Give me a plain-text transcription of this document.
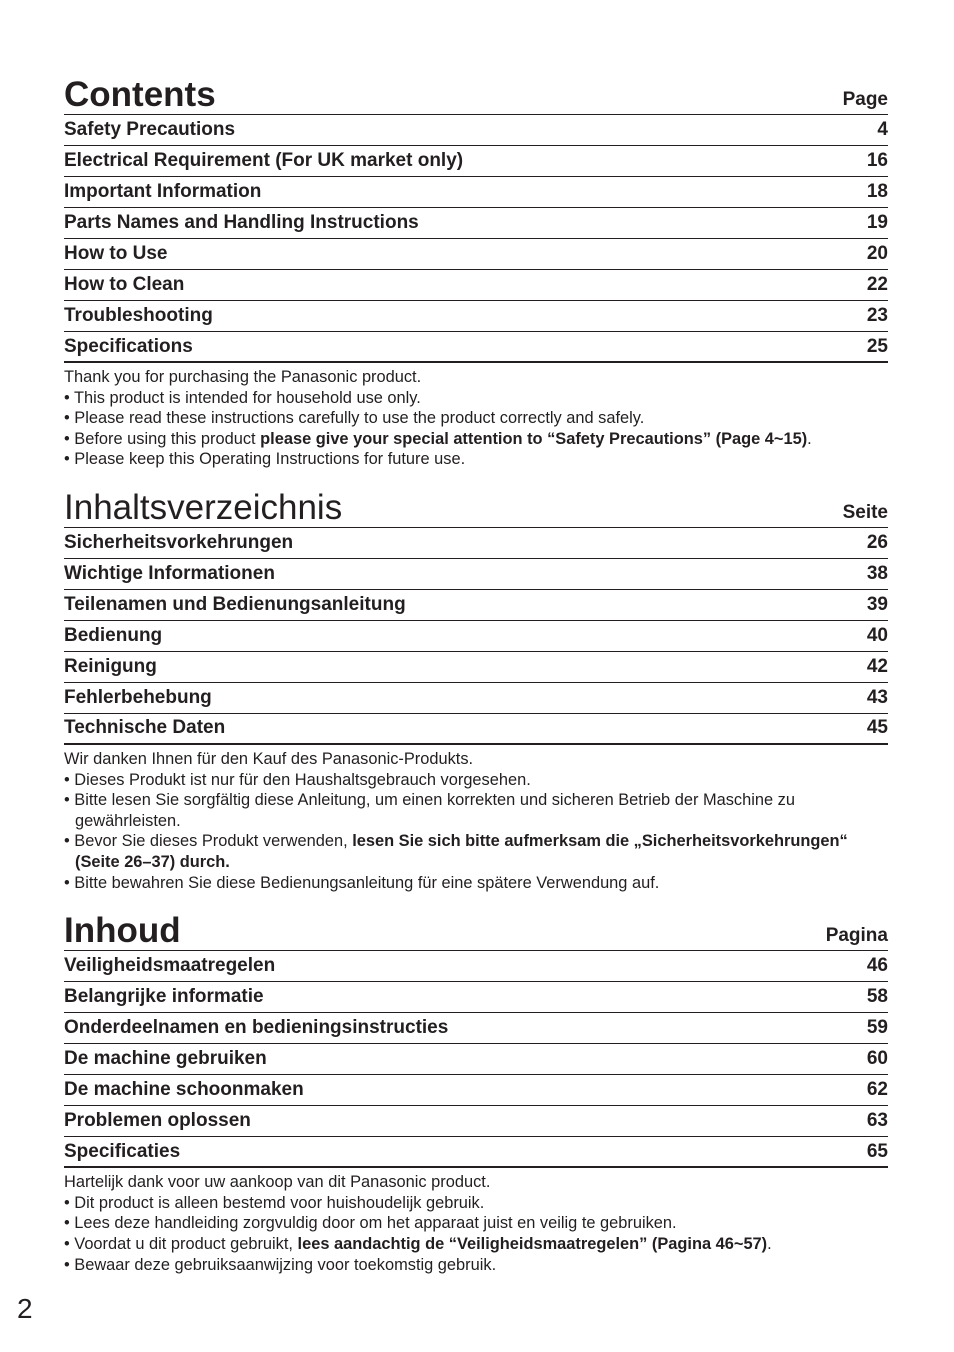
Contents	Page
Safety Precautions	4
Electrical Requirement (For UK market only)	16
Important Information	18
Parts Names and Handling Instructions	19
How to Use	20
How to Clean	22
Troubleshooting	23
Specifications	25

Thank you for purchasing the Panasonic product.

• This product is intended for household use only.

• Please read these instructions carefully to use the product correctly and safely.

• Before using this product please give your special attention to “Safety Precautions” (Page 4~15).

• Please keep this Operating Instructions for future use.

Inhaltsverzeichnis	Seite
Sicherheitsvorkehrungen	26
Wichtige Informationen	38
Teilenamen und Bedienungsanleitung	39
Bedienung	40
Reinigung	42
Fehlerbehebung	43
Technische Daten	45

Wir danken Ihnen für den Kauf des Panasonic-Produkts.

• Dieses Produkt ist nur für den Haushaltsgebrauch vorgesehen.

• Bitte lesen Sie sorgfältig diese Anleitung, um einen korrekten und sicheren Betrieb der Maschine zu gewährleisten.

• Bevor Sie dieses Produkt verwenden, lesen Sie sich bitte aufmerksam die „Sicherheitsvorkehrungen“ (Seite 26–37) durch.

• Bitte bewahren Sie diese Bedienungsanleitung für eine spätere Verwendung auf.

Inhoud	Pagina
Veiligheidsmaatregelen	46
Belangrijke informatie	58
Onderdeelnamen en bedieningsinstructies	59
De machine gebruiken	60
De machine schoonmaken	62
Problemen oplossen	63
Specificaties	65

Hartelijk dank voor uw aankoop van dit Panasonic product.

• Dit product is alleen bestemd voor huishoudelijk gebruik.

• Lees deze handleiding zorgvuldig door om het apparaat juist en veilig te gebruiken.

• Voordat u dit product gebruikt, lees aandachtig de “Veiligheidsmaatregelen” (Pagina 46~57).

• Bewaar deze gebruiksaanwijzing voor toekomstig gebruik.

2
